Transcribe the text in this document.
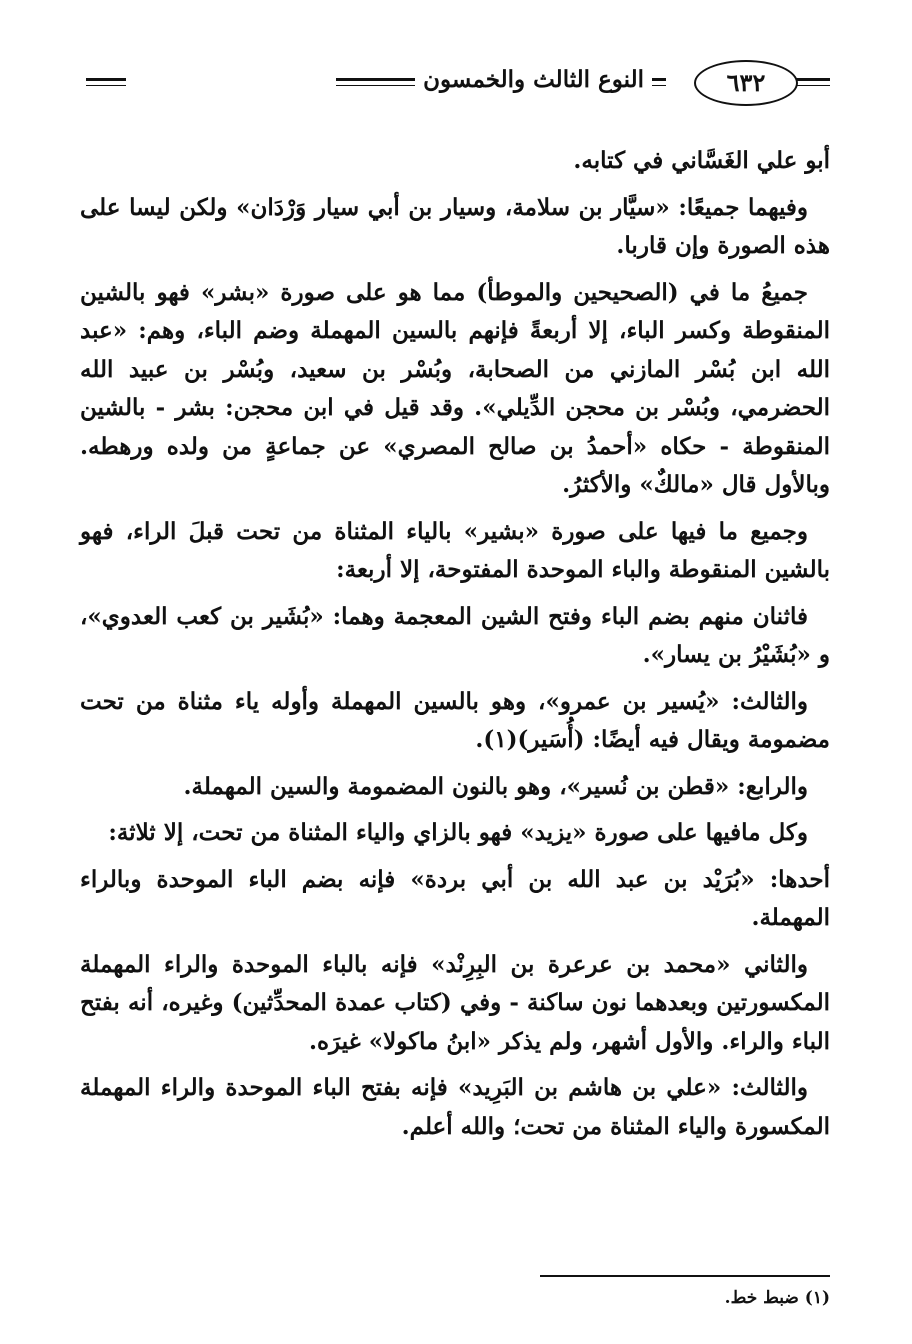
٦٣٢
النوع الثالث والخمسون

أبو علي الغَسَّاني في كتابه.

وفيهما جميعًا: «سيَّار بن سلامة، وسيار بن أبي سيار وَرْدَان» ولكن ليسا على هذه الصورة وإن قاربا.

جميعُ ما في (الصحيحين والموطأ) مما هو على صورة «بشر» فهو بالشين المنقوطة وكسر الباء، إلا أربعةً فإنهم بالسين المهملة وضم الباء، وهم: «عبد الله ابن بُسْر المازني من الصحابة، وبُسْر بن سعيد، وبُسْر بن عبيد الله الحضرمي، وبُسْر بن محجن الدِّيلي». وقد قيل في ابن محجن: بشر - بالشين المنقوطة - حكاه «أحمدُ بن صالح المصري» عن جماعةٍ من ولده ورهطه. وبالأول قال «مالكٌ» والأكثرُ.

وجميع ما فيها على صورة «بشير» بالياء المثناة من تحت قبلَ الراء، فهو بالشين المنقوطة والباء الموحدة المفتوحة، إلا أربعة:

فاثنان منهم بضم الباء وفتح الشين المعجمة وهما: «بُشَير بن كعب العدوي»، و «بُشَيْرُ بن يسار».

والثالث: «يُسير بن عمرو»، وهو بالسين المهملة وأوله ياء مثناة من تحت مضمومة ويقال فيه أيضًا: (أُسَير)(١).

والرابع: «قطن بن نُسير»، وهو بالنون المضمومة والسين المهملة.

وكل مافيها على صورة «يزيد» فهو بالزاي والياء المثناة من تحت، إلا ثلاثة:

أحدها: «بُرَيْد بن عبد الله بن أبي بردة» فإنه بضم الباء الموحدة وبالراء المهملة.

والثاني «محمد بن عرعرة بن البِرِنْد» فإنه بالباء الموحدة والراء المهملة المكسورتين وبعدهما نون ساكنة - وفي (كتاب عمدة المحدِّثين) وغيره، أنه بفتح الباء والراء. والأول أشهر، ولم يذكر «ابنُ ماكولا» غيرَه.

والثالث: «علي بن هاشم بن البَرِيد» فإنه بفتح الباء الموحدة والراء المهملة المكسورة والياء المثناة من تحت؛ والله أعلم.

(١) ضبط خط.
